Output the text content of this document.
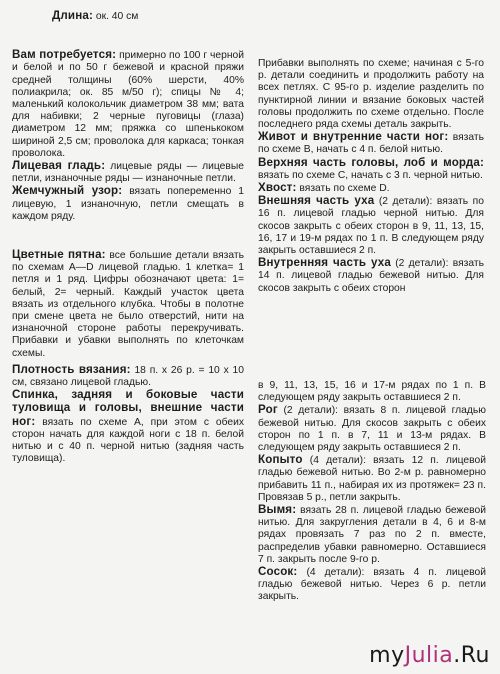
Длина: ок. 40 см

Вам потребуется: примерно по 100 г черной и белой и по 50 г бежевой и красной пряжи средней толщины (60% шерсти, 40% полиакрила; ок. 85 м/50 г); спицы № 4; маленький колокольчик диаметром 38 мм; вата для набивки; 2 черные пуговицы (глаза) диаметром 12 мм; пряжка со шпенькоком шириной 2,5 см; проволока для каркаса; тонкая проволока.

Лицевая гладь: лицевые ряды — лицевые петли, изнаночные ряды — изнаночные петли.

Жемчужный узор: вязать попеременно 1 лицевую, 1 изнаночную, петли смещать в каждом ряду.

Цветные пятна: все большие детали вязать по схемам А—D лицевой гладью. 1 клетка= 1 петля и 1 ряд. Цифры обозначают цвета: 1= белый, 2= черный. Каждый участок цвета вязать из отдельного клубка. Чтобы в полотне при смене цвета не было отверстий, нити на изнаночной стороне работы перекручивать. Прибавки и убавки выполнять по клеточкам схемы.

Плотность вязания: 18 п. х 26 р. = 10 х 10 см, связано лицевой гладью.

Спинка, задняя и боковые части туловища и головы, внешние части ног: вязать по схеме А, при этом с обеих сторон начать для каждой ноги с 18 п. белой нитью и с 40 п. черной нитью (задняя часть туловища).

Прибавки выполнять по схеме; начиная с 5-го р. детали соединить и продолжить работу на всех петлях. С 95-го р. изделие разделить по пунктирной линии и вязание боковых частей головы продолжить по схеме отдельно. После последнего ряда схемы деталь закрыть.

Живот и внутренние части ног: вязать по схеме В, начать с 4 п. белой нитью.

Верхняя часть головы, лоб и морда: вязать по схеме С, начать с 3 п. черной нитью.

Хвост: вязать по схеме D.

Внешняя часть уха (2 детали): вязать по 16 п. лицевой гладью черной нитью. Для скосов закрыть с обеих сторон в 9, 11, 13, 15, 16, 17 и 19-м рядах по 1 п. В следующем ряду закрыть оставшиеся 2 п.

Внутренняя часть уха (2 детали): вязать 14 п. лицевой гладью бежевой нитью. Для скосов закрыть с обеих сторон

в 9, 11, 13, 15, 16 и 17-м рядах по 1 п. В следующем ряду закрыть оставшиеся 2 п.

Рог (2 детали): вязать 8 п. лицевой гладью бежевой нитью. Для скосов закрыть с обеих сторон по 1 п. в 7, 11 и 13-м рядах. В следующем ряду закрыть оставшиеся 2 п.

Копыто (4 детали): вязать 12 п. лицевой гладью бежевой нитью. Во 2-м р. равномерно прибавить 11 п., набирая их из протяжек= 23 п. Провязав 5 р., петли закрыть.

Вымя: вязать 28 п. лицевой гладью бежевой нитью. Для закругления детали в 4, 6 и 8-м рядах провязать 7 раз по 2 п. вместе, распределив убавки равномерно. Оставшиеся 7 п. закрыть после 9-го р.

Сосок: (4 детали): вязать 4 п. лицевой гладью бежевой нитью. Через 6 р. петли закрыть.

myJulia.Ru
